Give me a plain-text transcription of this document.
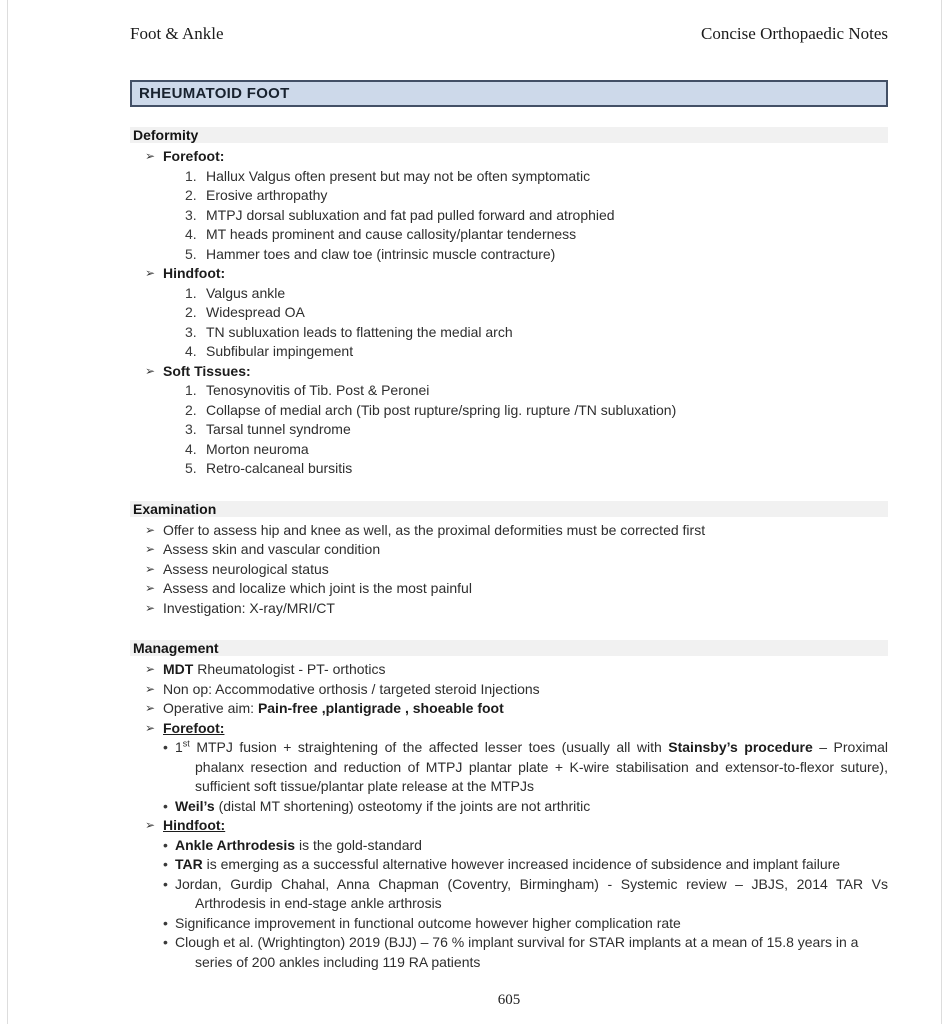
Foot & Ankle	Concise Orthopaedic Notes
RHEUMATOID FOOT
Deformity
➢ Forefoot:
1. Hallux Valgus often present but may not be often symptomatic
2. Erosive arthropathy
3. MTPJ dorsal subluxation and fat pad pulled forward and atrophied
4. MT heads prominent and cause callosity/plantar tenderness
5. Hammer toes and claw toe (intrinsic muscle contracture)
➢ Hindfoot:
1. Valgus ankle
2. Widespread OA
3. TN subluxation leads to flattening the medial arch
4. Subfibular impingement
➢ Soft Tissues:
1. Tenosynovitis of Tib. Post & Peronei
2. Collapse of medial arch (Tib post rupture/spring lig. rupture /TN subluxation)
3. Tarsal tunnel syndrome
4. Morton neuroma
5. Retro-calcaneal bursitis
Examination
➢ Offer to assess hip and knee as well, as the proximal deformities must be corrected first
➢ Assess skin and vascular condition
➢ Assess neurological status
➢ Assess and localize which joint is the most painful
➢ Investigation: X-ray/MRI/CT
Management
➢ MDT Rheumatologist - PT- orthotics
➢ Non op: Accommodative orthosis / targeted steroid Injections
➢ Operative aim: Pain-free ,plantigrade , shoeable foot
➢ Forefoot:
• 1st MTPJ fusion + straightening of the affected lesser toes (usually all with Stainsby’s procedure – Proximal phalanx resection and reduction of MTPJ plantar plate + K-wire stabilisation and extensor-to-flexor suture), sufficient soft tissue/plantar plate release at the MTPJs
• Weil’s (distal MT shortening) osteotomy if the joints are not arthritic
➢ Hindfoot:
• Ankle Arthrodesis is the gold-standard
• TAR is emerging as a successful alternative however increased incidence of subsidence and implant failure
• Jordan, Gurdip Chahal, Anna Chapman (Coventry, Birmingham) - Systemic review – JBJS, 2014 TAR Vs Arthrodesis in end-stage ankle arthrosis
• Significance improvement in functional outcome however higher complication rate
• Clough et al. (Wrightington) 2019 (BJJ) – 76 % implant survival for STAR implants at a mean of 15.8 years in a series of 200 ankles including 119 RA patients
605
